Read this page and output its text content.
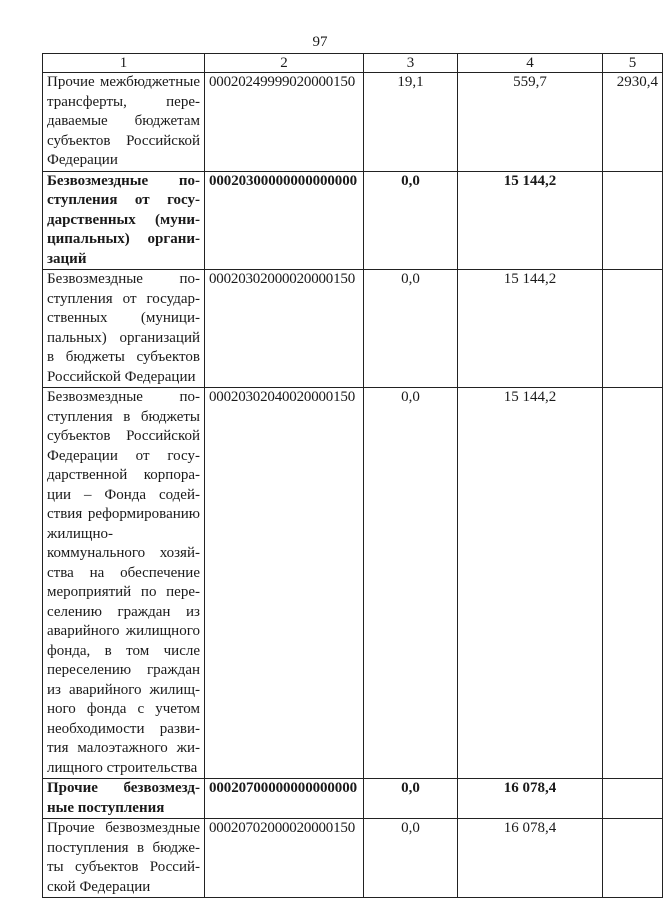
97
1	2	3	4	5
Прочие межбюджетные трансферты, передаваемые бюджетам субъектов Российской Федерации	00020249999020000150	19,1	559,7	2930,4
Безвозмездные поступления от государственных (муниципальных) организаций	00020300000000000000	0,0	15 144,2	
Безвозмездные поступления от государственных (муниципальных) организаций в бюджеты субъектов Российской Федерации	00020302000020000150	0,0	15 144,2	
Безвозмездные поступления в бюджеты субъектов Российской Федерации от государственной корпорации – Фонда содействия реформированию жилищно-коммунального хозяйства на обеспечение мероприятий по переселению граждан из аварийного жилищного фонда, в том числе переселению граждан из аварийного жилищного фонда с учетом необходимости развития малоэтажного жилищного строительства	00020302040020000150	0,0	15 144,2	
Прочие безвозмездные поступления	00020700000000000000	0,0	16 078,4	
Прочие безвозмездные поступления в бюджеты субъектов Российской Федерации	00020702000020000150	0,0	16 078,4	
